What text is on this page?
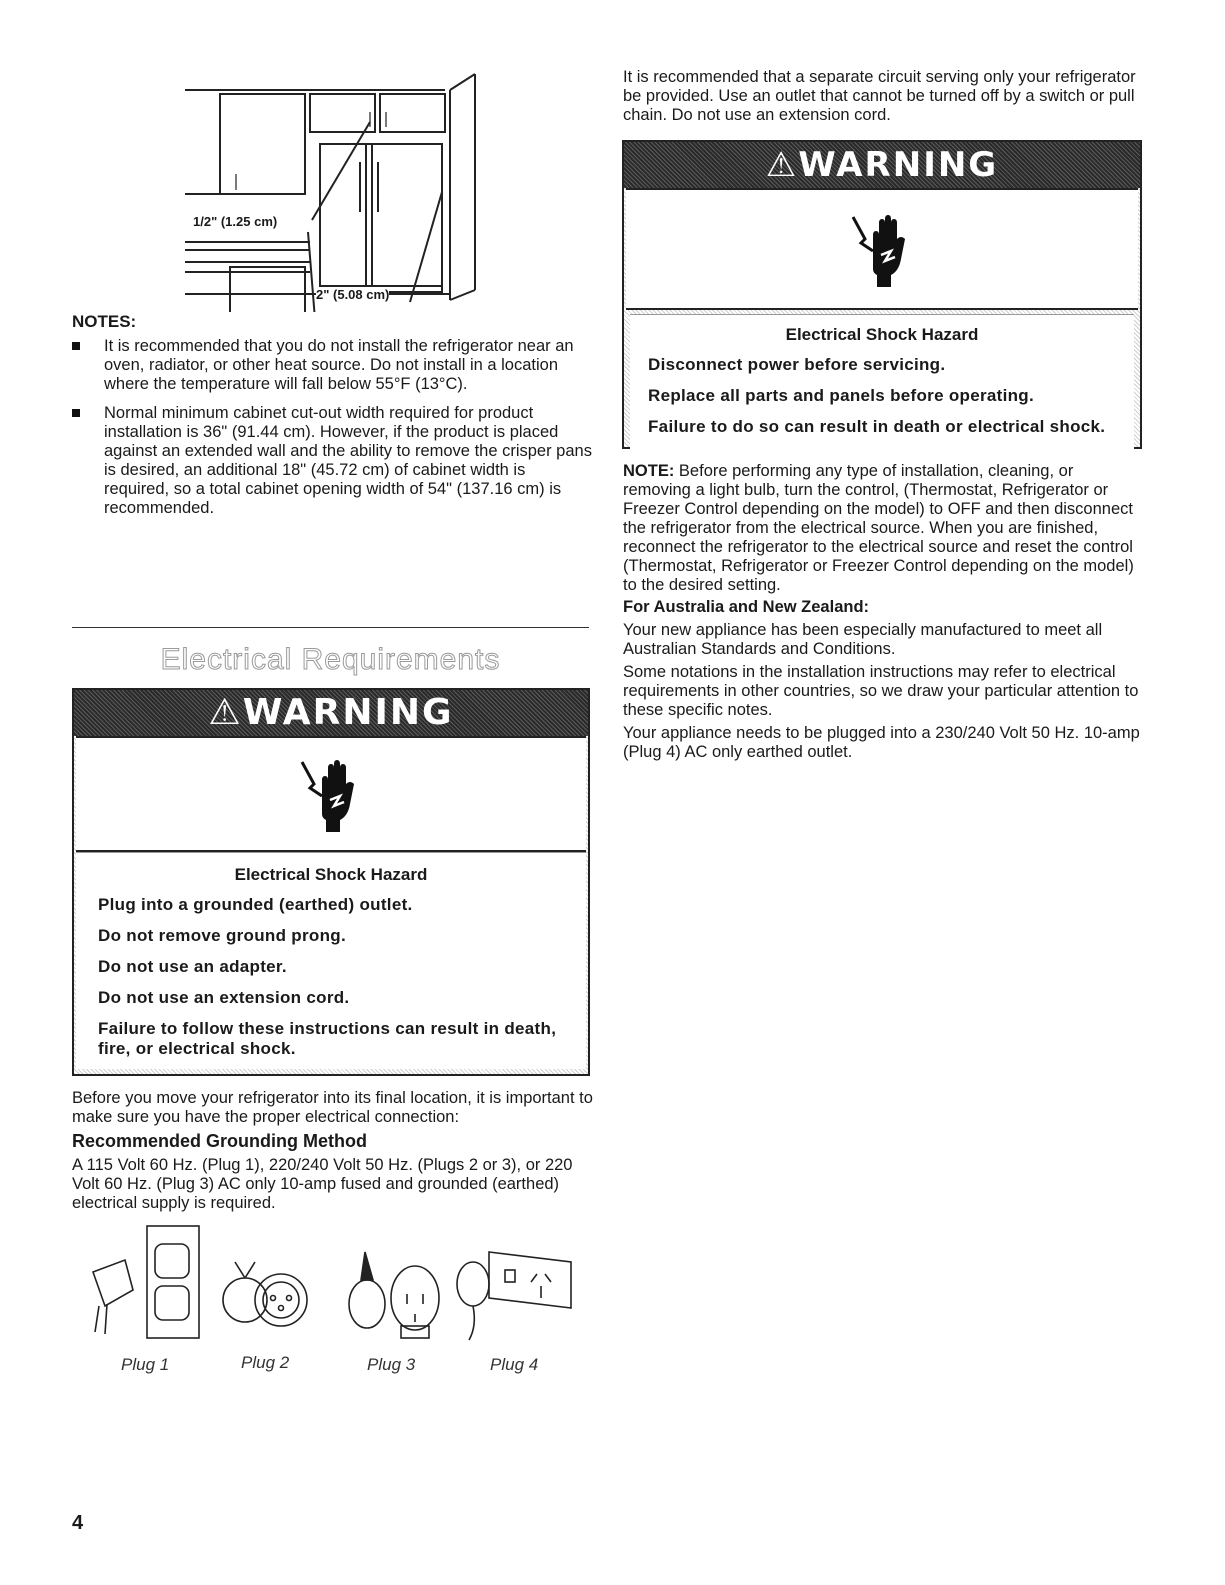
1/2" (1.25 cm)
2" (5.08 cm)
NOTES:
It is recommended that you do not install the refrigerator near an oven, radiator, or other heat source. Do not install in a location where the temperature will fall below 55°F (13°C).
Normal minimum cabinet cut-out width required for product installation is 36" (91.44 cm). However, if the product is placed against an extended wall and the ability to remove the crisper pans is desired, an additional 18" (45.72 cm) of cabinet width is required, so a total cabinet opening width of 54" (137.16 cm) is recommended.
Electrical Requirements
⚠WARNING
Electrical Shock Hazard

Plug into a grounded (earthed) outlet.

Do not remove ground prong.

Do not use an adapter.

Do not use an extension cord.

Failure to follow these instructions can result in death, fire, or electrical shock.

Before you move your refrigerator into its final location, it is important to make sure you have the proper electrical connection:

Recommended Grounding Method

A 115 Volt 60 Hz. (Plug 1), 220/240 Volt 50 Hz. (Plugs 2 or 3), or 220 Volt 60 Hz. (Plug 3) AC only 10-amp fused and grounded (earthed) electrical supply is required.

Plug 1	Plug 2	Plug 3	Plug 4
4

It is recommended that a separate circuit serving only your refrigerator be provided. Use an outlet that cannot be turned off by a switch or pull chain. Do not use an extension cord.

⚠WARNING
Electrical Shock Hazard

Disconnect power before servicing.

Replace all parts and panels before operating.

Failure to do so can result in death or electrical shock.

NOTE: Before performing any type of installation, cleaning, or removing a light bulb, turn the control, (Thermostat, Refrigerator or Freezer Control depending on the model) to OFF and then disconnect the refrigerator from the electrical source. When you are finished, reconnect the refrigerator to the electrical source and reset the control (Thermostat, Refrigerator or Freezer Control depending on the model) to the desired setting.

For Australia and New Zealand:

Your new appliance has been especially manufactured to meet all Australian Standards and Conditions.

Some notations in the installation instructions may refer to electrical requirements in other countries, so we draw your particular attention to these specific notes.

Your appliance needs to be plugged into a 230/240 Volt 50 Hz. 10-amp (Plug 4) AC only earthed outlet.
